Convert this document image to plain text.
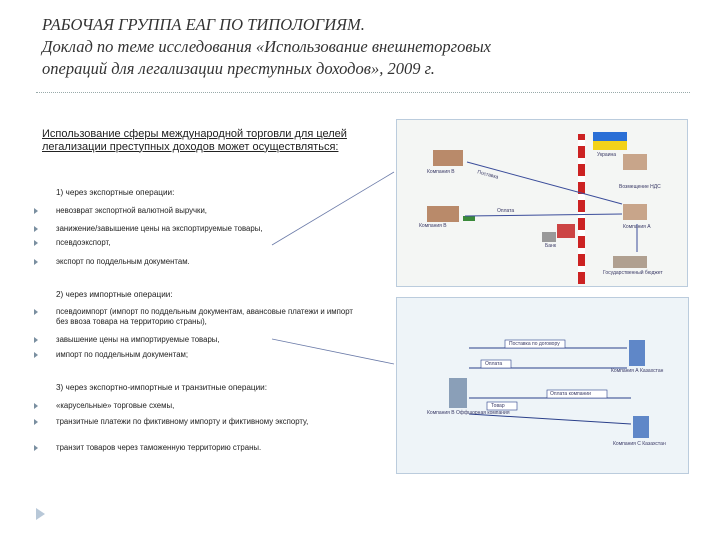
РАБОЧАЯ ГРУППА ЕАГ ПО ТИПОЛОГИЯМ.
Доклад по теме исследования «Использование внешнеторговых
операций для легализации преступных доходов», 2009 г.
Использование сферы международной торговли для целей легализации преступных доходов может осуществляться:
1) через экспортные операции:
невозврат экспортной валютной выручки,
занижение/завышение цены на экспортируемые товары,
псевдоэкспорт,
экспорт по поддельным документам.
2) через импортные операции:
псевдоимпорт (импорт по поддельным документам, авансовые платежи и импорт без ввоза товара на территорию страны),
завышение цены на импортируемые товары,
импорт по поддельным документам;
3) через экспортно-импортные и транзитные операции:
«карусельные» торговые схемы,
транзитные платежи по фиктивному импорту и фиктивному экспорту,
транзит товаров через таможенную территорию страны.
Украина
Компания В
Компания В	Компания А
Поставка
Оплата
Банк
Государственный бюджет
Возмещение НДС
Поставка по договору
Оплата
Оплата компании
Товар
Компания А Казахстан
Компания В Оффшорная компания
Компания С Казахстан
